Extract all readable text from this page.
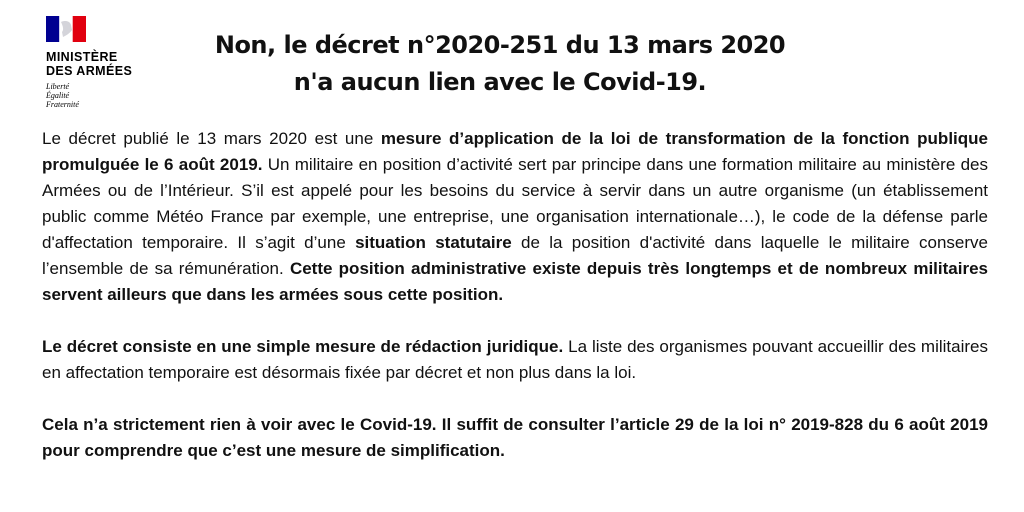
MINISTÈRE
DES ARMÉES
Liberté
Égalité
Fraternité
Non, le décret n°2020-251 du 13 mars 2020
n'a aucun lien avec le Covid-19.

Le décret publié le 13 mars 2020 est une mesure d’application de la loi de transformation de la fonction publique promulguée le 6 août 2019. Un militaire en position d’activité sert par principe dans une formation militaire au ministère des Armées ou de l’Intérieur. S’il est appelé pour les besoins du service à servir dans un autre organisme (un établissement public comme Météo France par exemple, une entreprise, une organisation internationale…), le code de la défense parle d'affectation temporaire. Il s’agit d’une situation statutaire de la position d'activité dans laquelle le militaire conserve l’ensemble de sa rémunération. Cette position administrative existe depuis très longtemps et de nombreux militaires servent ailleurs que dans les armées sous cette position.

Le décret consiste en une simple mesure de rédaction juridique. La liste des organismes pouvant accueillir des militaires en affectation temporaire est désormais fixée par décret et non plus dans la loi.

Cela n’a strictement rien à voir avec le Covid-19. Il suffit de consulter l’article 29 de la loi n° 2019-828 du 6 août 2019 pour comprendre que c’est une mesure de simplification.
